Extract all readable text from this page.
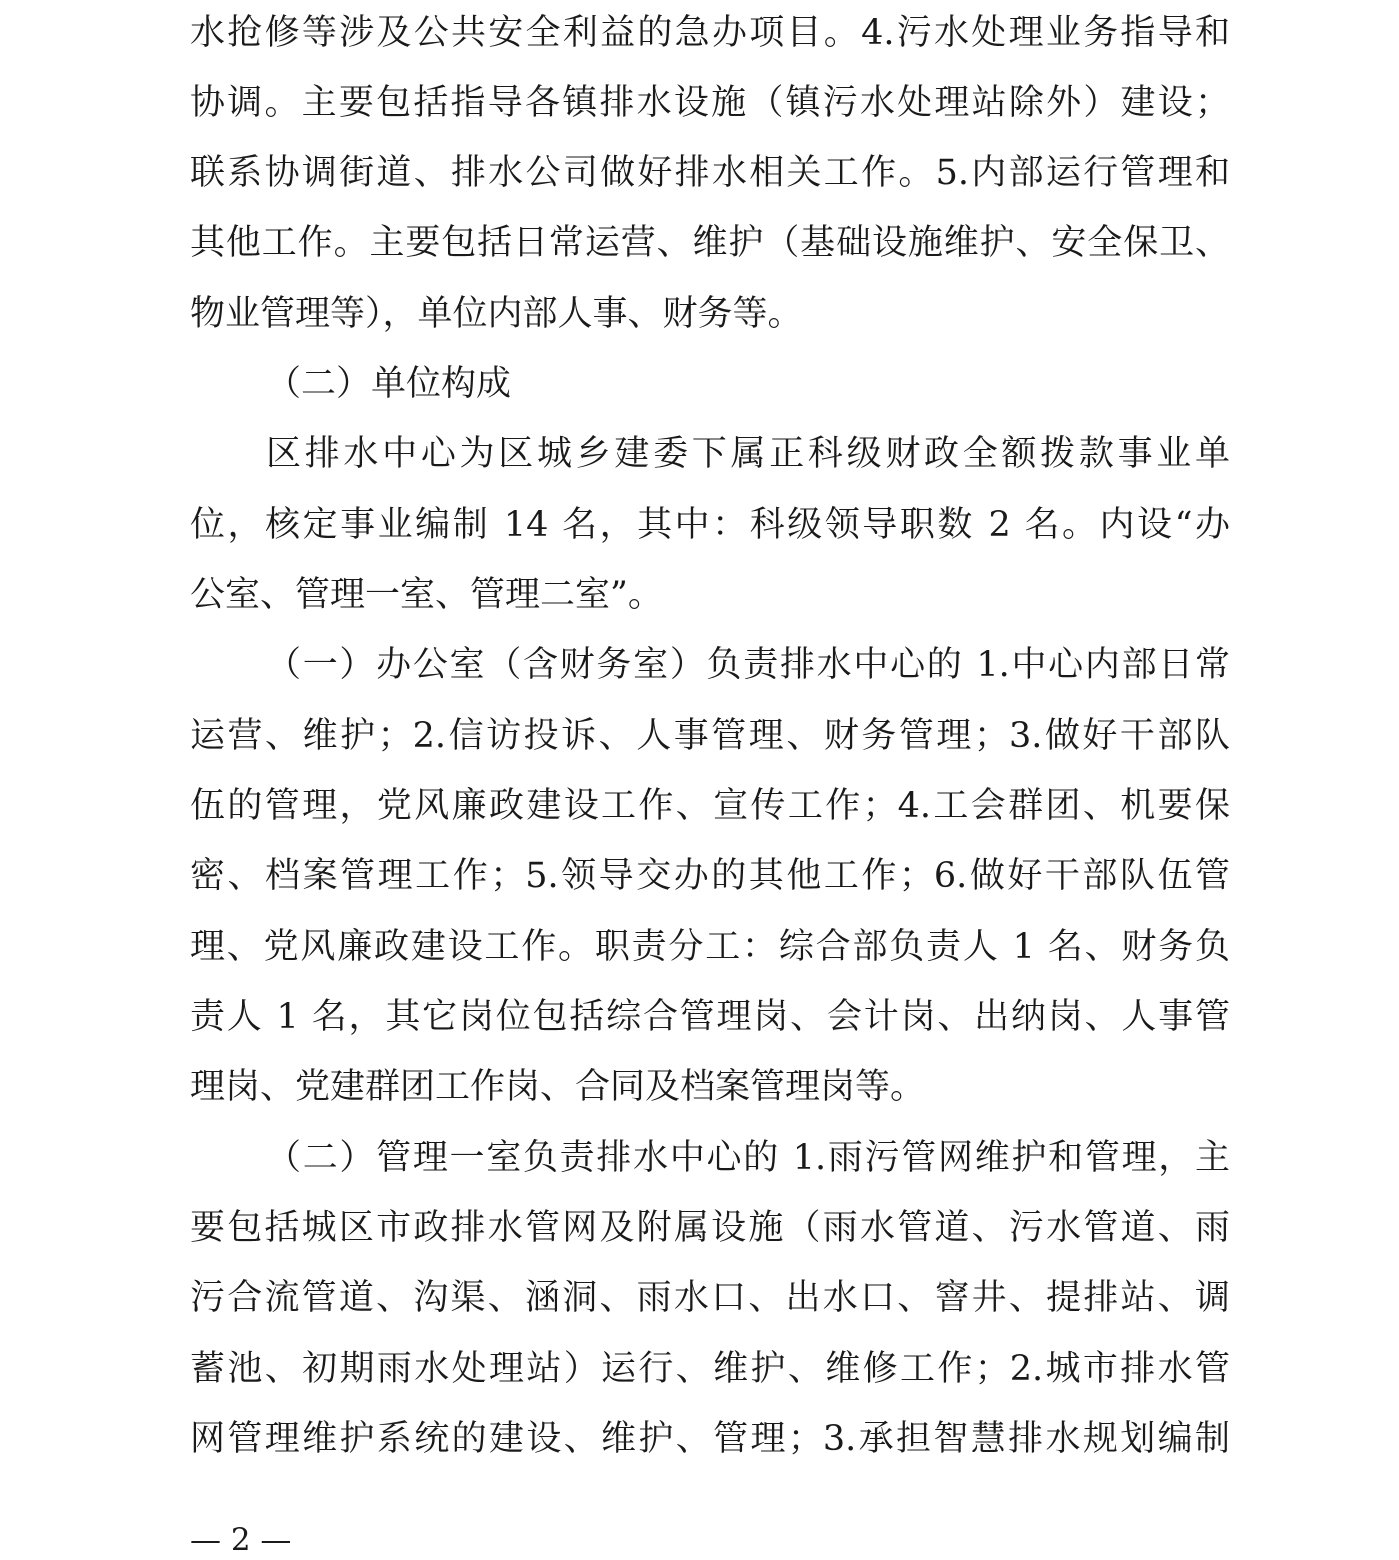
水抢修等涉及公共安全利益的急办项目。4.污水处理业务指导和
协调。主要包括指导各镇排水设施（镇污水处理站除外）建设；
联系协调街道、排水公司做好排水相关工作。5.内部运行管理和
其他工作。主要包括日常运营、维护（基础设施维护、安全保卫、
物业管理等），单位内部人事、财务等。
（二）单位构成
区排水中心为区城乡建委下属正科级财政全额拨款事业单
位，核定事业编制 14 名，其中：科级领导职数 2 名。内设“办
公室、管理一室、管理二室”。
（一）办公室（含财务室）负责排水中心的 1.中心内部日常
运营、维护；2.信访投诉、人事管理、财务管理；3.做好干部队
伍的管理，党风廉政建设工作、宣传工作；4.工会群团、机要保
密、档案管理工作；5.领导交办的其他工作；6.做好干部队伍管
理、党风廉政建设工作。职责分工：综合部负责人 1 名、财务负
责人 1 名，其它岗位包括综合管理岗、会计岗、出纳岗、人事管
理岗、党建群团工作岗、合同及档案管理岗等。
（二）管理一室负责排水中心的 1.雨污管网维护和管理，主
要包括城区市政排水管网及附属设施（雨水管道、污水管道、雨
污合流管道、沟渠、涵洞、雨水口、出水口、窨井、提排站、调
蓄池、初期雨水处理站）运行、维护、维修工作；2.城市排水管
网管理维护系统的建设、维护、管理；3.承担智慧排水规划编制
— 2 —
